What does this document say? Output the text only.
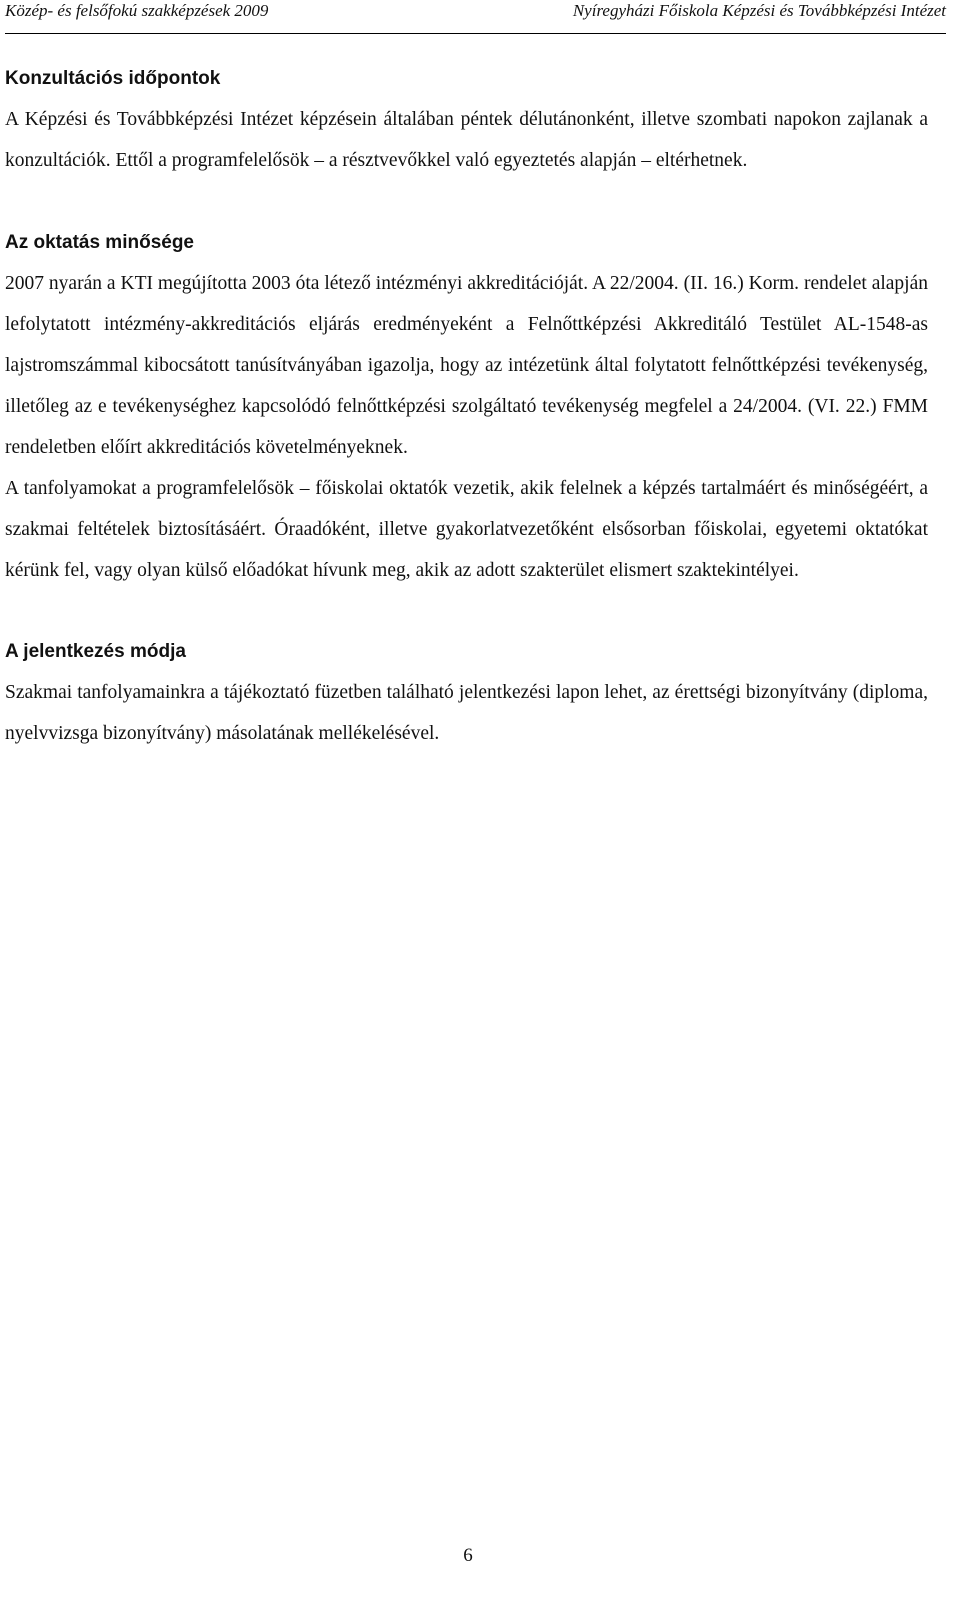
Közép- és felsőfokú szakképzések 2009	Nyíregyházi Főiskola Képzési és Továbbképzési Intézet
Konzultációs időpontok

A Képzési és Továbbképzési Intézet képzésein általában péntek délutánonként, illetve szombati napokon zajlanak a konzultációk. Ettől a programfelelősök – a résztvevőkkel való egyeztetés alapján – eltérhetnek.

Az oktatás minősége

2007 nyarán a KTI megújította 2003 óta létező intézményi akkreditációját. A 22/2004. (II. 16.) Korm. rendelet alapján lefolytatott intézmény-akkreditációs eljárás eredményeként a Felnőttképzési Akkreditáló Testület AL-1548-as lajstromszámmal kibocsátott tanúsítványában igazolja, hogy az intézetünk által folytatott felnőttképzési tevékenység, illetőleg az e tevékenységhez kapcsolódó felnőttképzési szolgáltató tevékenység megfelel a 24/2004. (VI. 22.) FMM rendeletben előírt akkreditációs követelményeknek.

A tanfolyamokat a programfelelősök – főiskolai oktatók vezetik, akik felelnek a képzés tartalmáért és minőségéért, a szakmai feltételek biztosításáért. Óraadóként, illetve gyakorlatvezetőként elsősorban főiskolai, egyetemi oktatókat kérünk fel, vagy olyan külső előadókat hívunk meg, akik az adott szakterület elismert szaktekintélyei.

A jelentkezés módja

Szakmai tanfolyamainkra a tájékoztató füzetben található jelentkezési lapon lehet, az érettségi bizonyítvány (diploma, nyelvvizsga bizonyítvány) másolatának mellékelésével.

6
